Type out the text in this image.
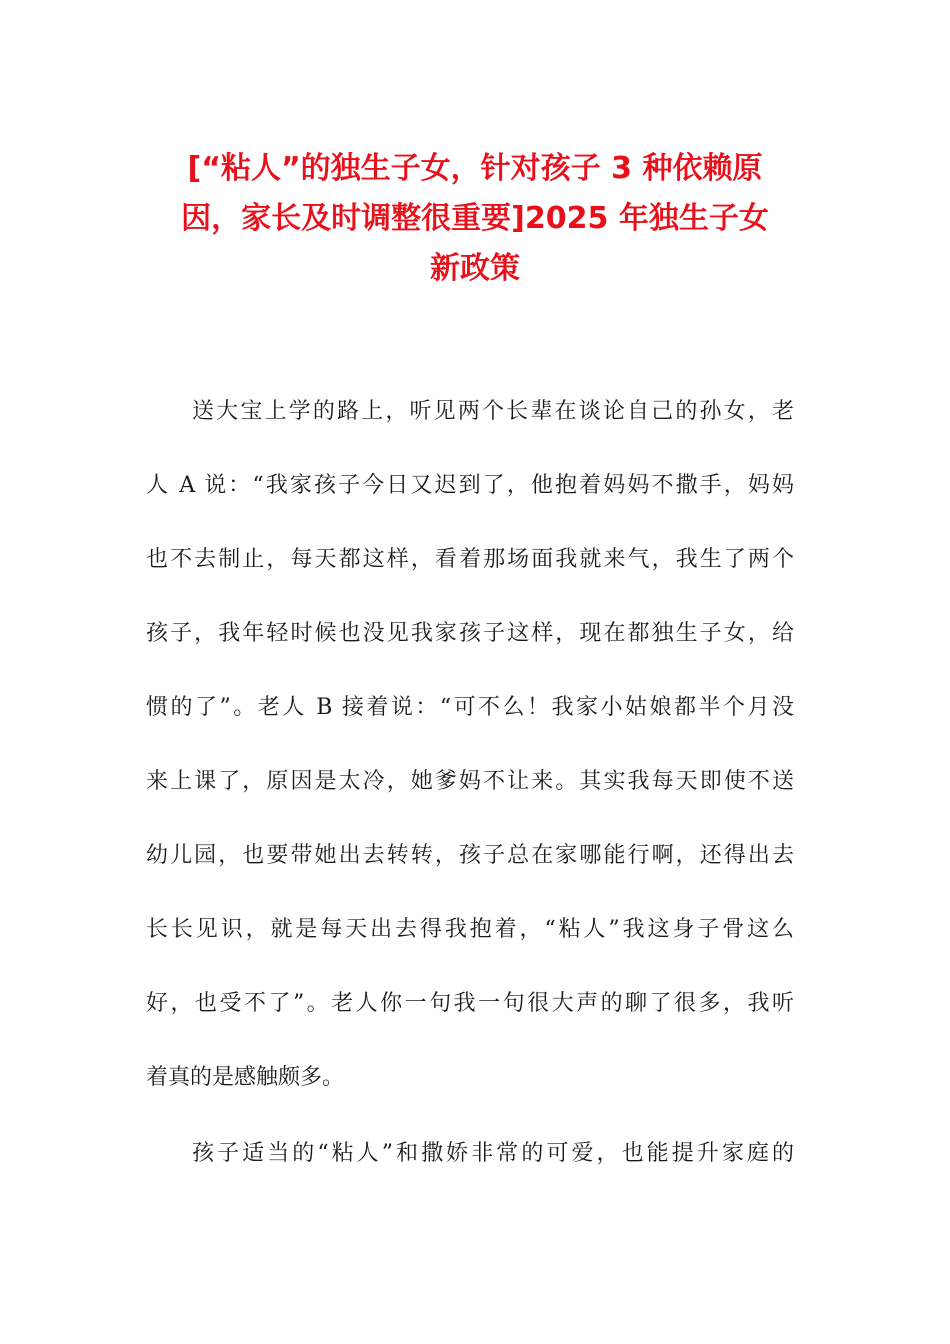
[“粘人”的独生子女，针对孩子 3 种依赖原
因，家长及时调整很重要]2025 年独生子女
新政策

送大宝上学的路上，听见两个长辈在谈论自己的孙女，老
人 A 说：“我家孩子今日又迟到了，他抱着妈妈不撒手，妈妈
也不去制止，每天都这样，看着那场面我就来气，我生了两个
孩子，我年轻时候也没见我家孩子这样，现在都独生子女，给
惯的了”。老人 B 接着说：“可不么！我家小姑娘都半个月没
来上课了，原因是太冷，她爹妈不让来。其实我每天即使不送
幼儿园，也要带她出去转转，孩子总在家哪能行啊，还得出去
长长见识，就是每天出去得我抱着，“粘人”我这身子骨这么
好，也受不了”。老人你一句我一句很大声的聊了很多，我听
着真的是感触颇多。

孩子适当的“粘人”和撒娇非常的可爱，也能提升家庭的
